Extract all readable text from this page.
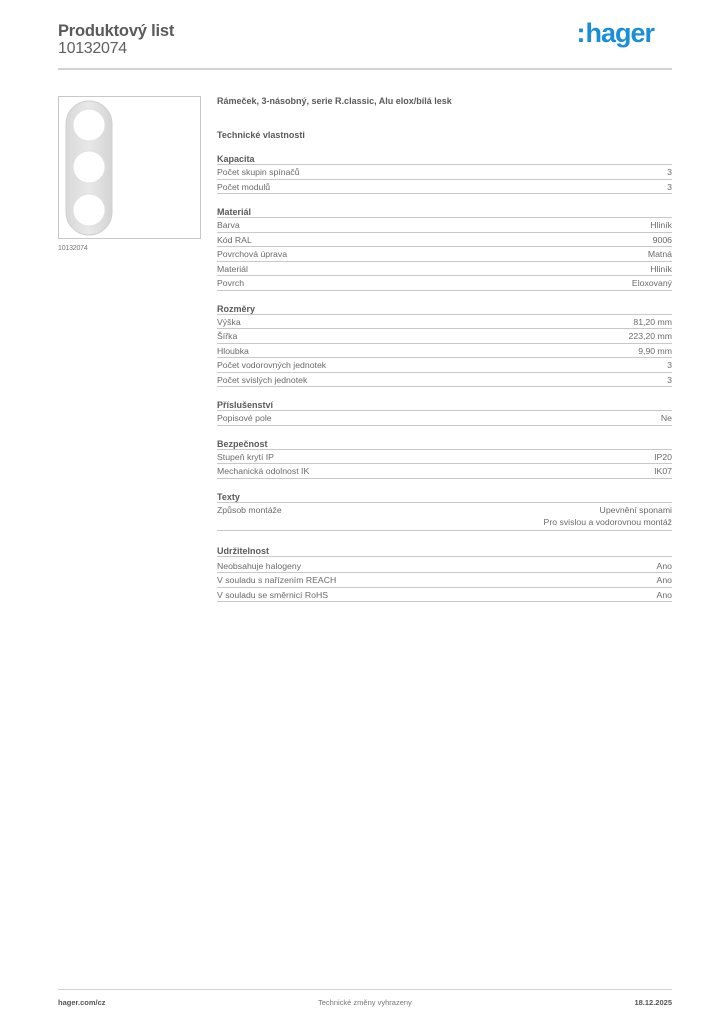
Produktový list
10132074
:hager
10132074
Rámeček, 3-násobný, serie R.classic, Alu elox/bílá lesk
Technické vlastnosti
Kapacita
Počet skupin spínačů	3
Počet modulů	3
Materiál
Barva	Hliník
Kód RAL	9006
Povrchová úprava	Matná
Materiál	Hliník
Povrch	Eloxovaný
Rozměry
Výška	81,20 mm
Šířka	223,20 mm
Hloubka	9,90 mm
Počet vodorovných jednotek	3
Počet svislých jednotek	3
Příslušenství
Popisové pole	Ne
Bezpečnost
Stupeň krytí IP	IP20
Mechanická odolnost IK	IK07
Texty
Způsob montáže	Upevnění sponami
Pro svislou a vodorovnou montáž
Udržitelnost
Neobsahuje halogeny	Ano
V souladu s nařízením REACH	Ano
V souladu se směrnicí RoHS	Ano
hager.com/cz	Technické změny vyhrazeny	18.12.2025
